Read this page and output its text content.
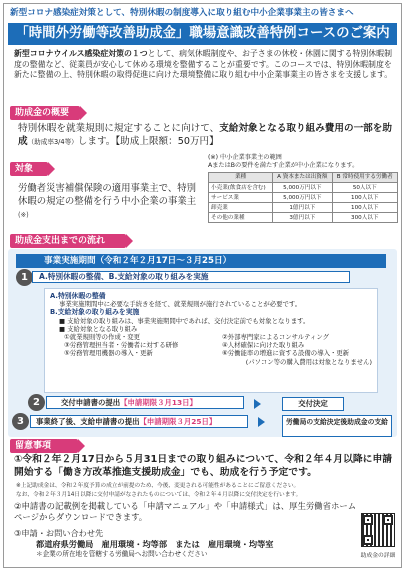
新型コロナ感染症対策として、特別休暇の制度導入に取り組む中小企業事業主の皆さまへ
「時間外労働等改善助成金」職場意識改善特例コースのご案内
新型コロナウイルス感染症対策の１つとして、病気休暇制度や、お子さまの休校・休園に関する特別休暇制度の整備など、従業員が安心して休める環境を整備することが重要です。このコースでは、特別休暇制度を新たに整備の上、特別休暇の取得促進に向けた環境整備に取り組む中小企業事業主の皆さまを支援します。
助成金の概要
特別休暇を就業規則に規定することに向けて、支給対象となる取り組み費用の一部を助成（助成率3/4等）します。【助成上限額：50万円】
対象
労働者災害補償保険の適用事業主で、特別休暇の規定の整備を行う中小企業の事業主(※)
(※) 中小企業事業主の範囲
AまたはBの要件を満たす企業が中小企業になります。
業種	A 資本または出資額	B 常時使用する労働者
小売業(飲食店を含む)	5,000万円以下	50人以下
サービス業	5,000万円以下	100人以下
卸売業	1億円以下	100人以下
その他の業種	3億円以下	300人以下
助成金支出までの流れ
事業実施期間（令和２年２月17日～３月25日）
1	A.特別休暇の整備、B.支給対象の取り組みを実施
A.特別休暇の整備
事業実施期間中に必要な手続きを経て、就業規則が施行されていることが必要です。
B.支給対象の取り組みを実施
■ 支給対象の取り組みは、事業実施期間中であれば、交付決定前でも対象となります。
■ 支給対象となる取り組み
①就業規則等の作成・変更	②外部専門家によるコンサルティング
③労務管理担当者・労働者に対する研修	④人材確保に向けた取り組み
⑤労務管理用機器の導入・更新	⑥労働能率の増進に資する設備の導入・更新
(パソコン等の購入費用は対象となりません)
2	交付申請書の提出【申請期限３月13日】	交付決定
3	事業終了後、支給申請書の提出【申請期限３月25日】	労働局の支給決定後助成金の支給
留意事項
①令和２年２月17日から５月31日までの取り組みについて、令和２年４月以降に申請開始する「働き方改革推進支援助成金」でも、助成を行う予定です。
※上記助成金は、令和２年度予算の成立が前提のため、今後、変更される可能性があることにご留意ください。
なお、令和２年３月14日以降に交付申請がなされたものについては、令和２年４月以降に交付決定を行います。
②申請書の記載例を掲載している「申請マニュアル」や「申請様式」は、厚生労働省ホームページからダウンロードできます。
③申請・お問い合わせ先
都道府県労働局　雇用環境・均等部　または　雇用環境・均等室
＊企業の所在地を管轄する労働局へお問い合わせください	助成金の詳細
